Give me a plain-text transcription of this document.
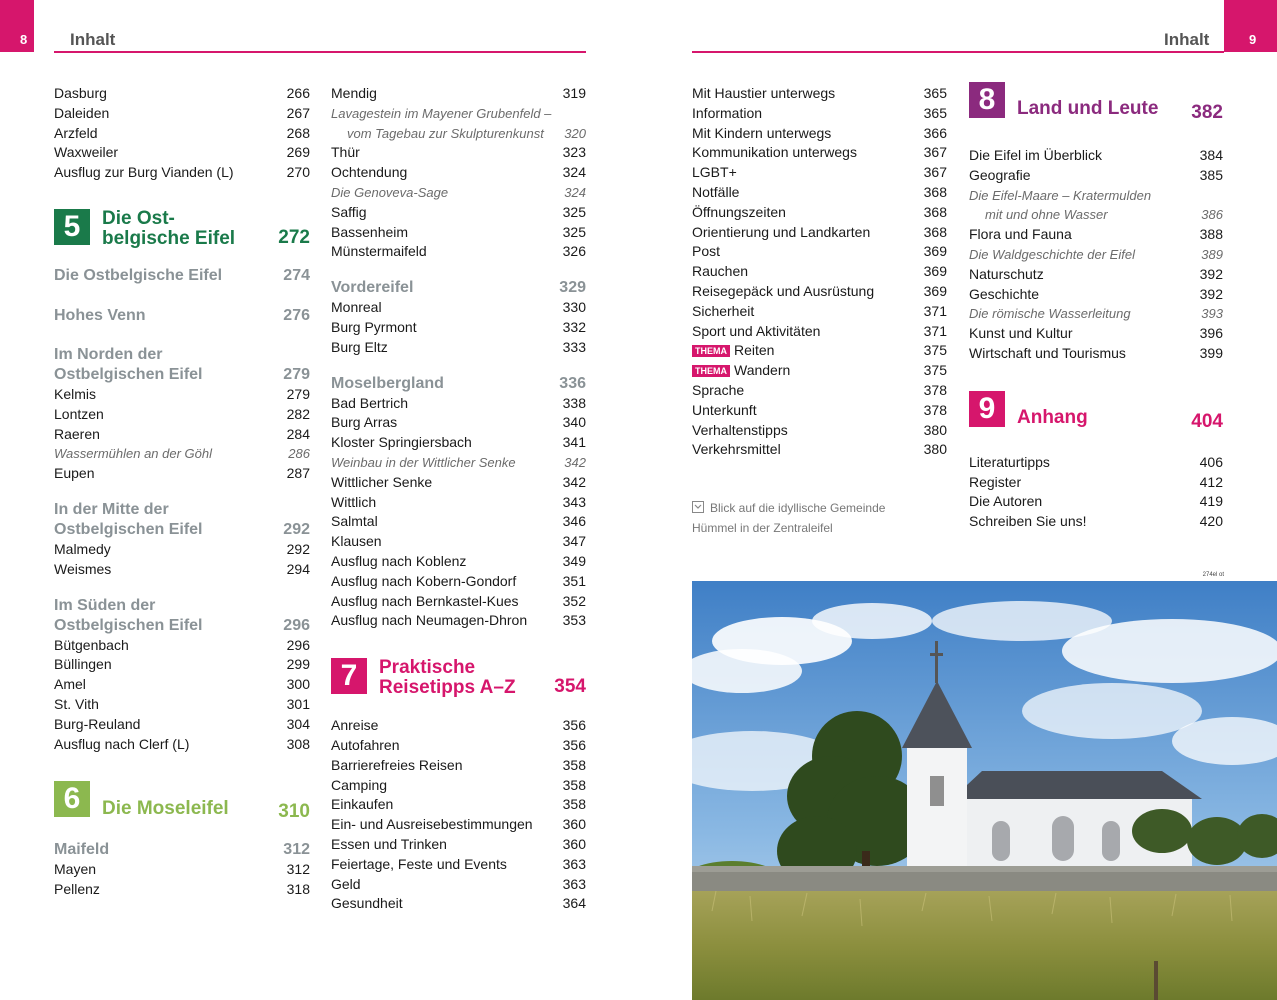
8	Inhalt	9
Inhalt
Dasburg	266
Daleiden	267
Arzfeld	268
Waxweiler	269
Ausflug zur Burg Vianden (L)	270
5	Die Ost-
belgische Eifel 272
Die Ostbelgische Eifel	274
Hohes Venn	276
Im Norden der
Ostbelgischen Eifel	279
Kelmis	279
Lontzen	282
Raeren	284
Wassermühlen an der Göhl	286
Eupen	287
In der Mitte der
Ostbelgischen Eifel	292
Malmedy	292
Weismes	294
Im Süden der
Ostbelgischen Eifel	296
Bütgenbach	296
Büllingen	299
Amel	300
St. Vith	301
Burg-Reuland	304
Ausflug nach Clerf (L)	308
6	Die Moseleifel	310
Maifeld	312
Mayen	312
Pellenz	318
Mendig	319
Lavagestein im Mayener Grubenfeld –
vom Tagebau zur Skulpturenkunst 320
Thür	323
Ochtendung	324
Die Genoveva-Sage	324
Saffig	325
Bassenheim	325
Münstermaifeld	326
Vordereifel	329
Monreal	330
Burg Pyrmont	332
Burg Eltz	333
Moselbergland	336
Bad Bertrich	338
Burg Arras	340
Kloster Springiersbach	341
Weinbau in der Wittlicher Senke	342
Wittlicher Senke	342
Wittlich	343
Salmtal	346
Klausen	347
Ausflug nach Koblenz	349
Ausflug nach Kobern-Gondorf	351
Ausflug nach Bernkastel-Kues	352
Ausflug nach Neumagen-Dhron	353
7	Praktische
Reisetipps A–Z 354
Anreise	356
Autofahren	356
Barrierefreies Reisen	358
Camping	358
Einkaufen	358
Ein- und Ausreisebestimmungen 360
Essen und Trinken	360
Feiertage, Feste und Events	363
Geld	363
Gesundheit	364
Mit Haustier unterwegs	365
Information	365
Mit Kindern unterwegs	366
Kommunikation unterwegs	367
LGBT+	367
Notfälle	368
Öffnungszeiten	368
Orientierung und Landkarten	368
Post	369
Rauchen	369
Reisegepäck und Ausrüstung	369
Sicherheit	371
Sport und Aktivitäten	371
THEMA Reiten	375
THEMA Wandern	375
Sprache	378
Unterkunft	378
Verhaltenstipps	380
Verkehrsmittel	380
Blick auf die idyllische Gemeinde
Hümmel in der Zentraleifel
8	Land und Leute 382
Die Eifel im Überblick	384
Geografie	385
Die Eifel-Maare – Kratermulden
mit und ohne Wasser	386
Flora und Fauna	388
Die Waldgeschichte der Eifel	389
Naturschutz	392
Geschichte	392
Die römische Wasserleitung	393
Kunst und Kultur	396
Wirtschaft und Tourismus	399
9	Anhang	404
Literaturtipps	406
Register	412
Die Autoren	419
Schreiben Sie uns!	420
274el ot
